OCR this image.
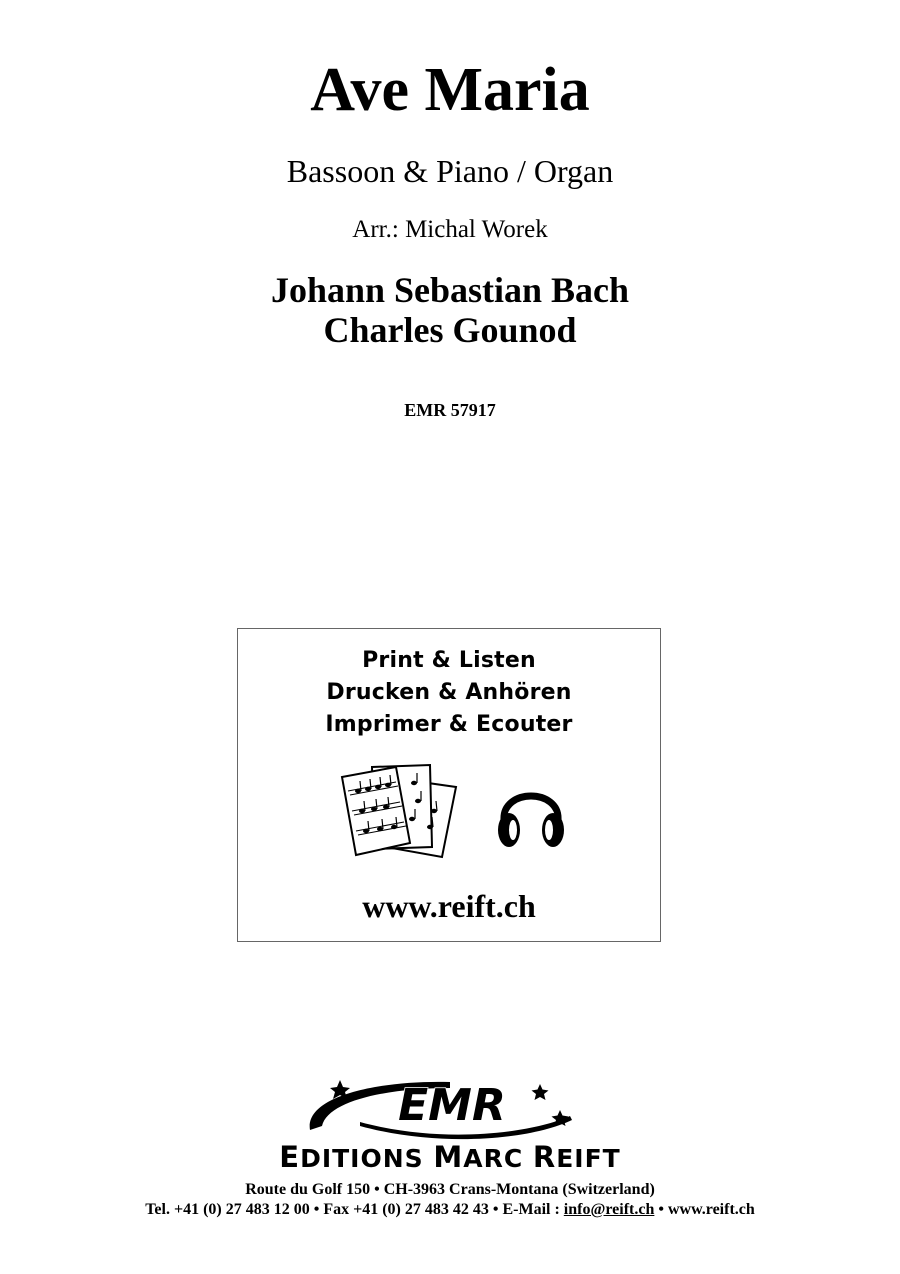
Ave Maria
Bassoon & Piano / Organ
Arr.: Michal Worek
Johann Sebastian Bach
Charles Gounod
EMR 57917
Print & Listen
Drucken & Anhören
Imprimer & Ecouter
www.reift.ch
EMR
EDITIONS MARC REIFT
Route du Golf 150 • CH-3963 Crans-Montana (Switzerland)
Tel. +41 (0) 27 483 12 00 • Fax +41 (0) 27 483 42 43 • E-Mail : info@reift.ch • www.reift.ch
